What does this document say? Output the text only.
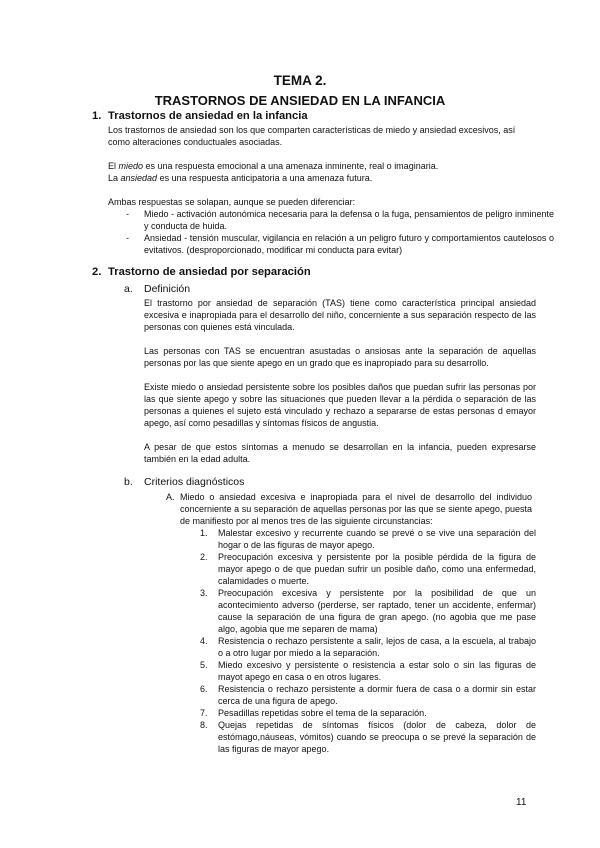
TEMA 2.
TRASTORNOS DE ANSIEDAD EN LA INFANCIA
1. Trastornos de ansiedad en la infancia
Los trastornos de ansiedad son los que comparten características de miedo y ansiedad excesivos, así como alteraciones conductuales asociadas.
El miedo es una respuesta emocional a una amenaza inminente, real o imaginaria.
La ansiedad es una respuesta anticipatoria a una amenaza futura.
Ambas respuestas se solapan, aunque se pueden diferenciar:
- Miedo - activación autonómica necesaria para la defensa o la fuga, pensamientos de peligro inminente y conducta de huida.
- Ansiedad - tensión muscular, vigilancia en relación a un peligro futuro y comportamientos cautelosos o evitativos. (desproporcionado, modificar mi conducta para evitar)
2. Trastorno de ansiedad por separación
a. Definición
El trastorno por ansiedad de separación (TAS) tiene como característica principal ansiedad excesiva e inapropiada para el desarrollo del niño, concerniente a sus separación respecto de las personas con quienes está vinculada.
Las personas con TAS se encuentran asustadas o ansiosas ante la separación de aquellas personas por las que siente apego en un grado que es inapropiado para su desarrollo.
Existe miedo o ansiedad persistente sobre los posibles daños que puedan sufrir las personas por las que siente apego y sobre las situaciones que pueden llevar a la pérdida o separación de las personas a quienes el sujeto está vinculado y rechazo a separarse de estas personas d emayor apego, así como pesadillas y síntomas físicos de angustia.
A pesar de que estos síntomas a menudo se desarrollan en la infancia, pueden expresarse también en la edad adulta.
b. Criterios diagnósticos
A. Miedo o ansiedad excesiva e inapropiada para el nivel de desarrollo del individuo concerniente a su separación de aquellas personas por las que se siente apego, puesta de manifiesto por al menos tres de las siguiente circunstancias:
1. Malestar excesivo y recurrente cuando se prevé o se vive una separación del hogar o de las figuras de mayor apego.
2. Preocupación excesiva y persistente por la posible pérdida de la figura de mayor apego o de que puedan sufrir un posible daño, como una enfermedad, calamidades o muerte.
3. Preocupación excesiva y persistente por la posibilidad de que un acontecimiento adverso (perderse, ser raptado, tener un accidente, enfermar) cause la separación de una figura de gran apego. (no agobia que me pase algo, agobia que me separen de mama)
4. Resistencia o rechazo persistente a salir, lejos de casa, a la escuela, al trabajo o a otro lugar por miedo a la separación.
5. Miedo excesivo y persistente o resistencia a estar solo o sin las figuras de mayot apego en casa o en otros lugares.
6. Resistencia o rechazo persistente a dormir fuera de casa o a dormir sin estar cerca de una figura de apego.
7. Pesadillas repetidas sobre el tema de la separación.
8. Quejas repetidas de síntomas físicos (dolor de cabeza, dolor de estómago,náuseas, vómitos) cuando se preocupa o se prevé la separación de las figuras de mayor apego.
11
